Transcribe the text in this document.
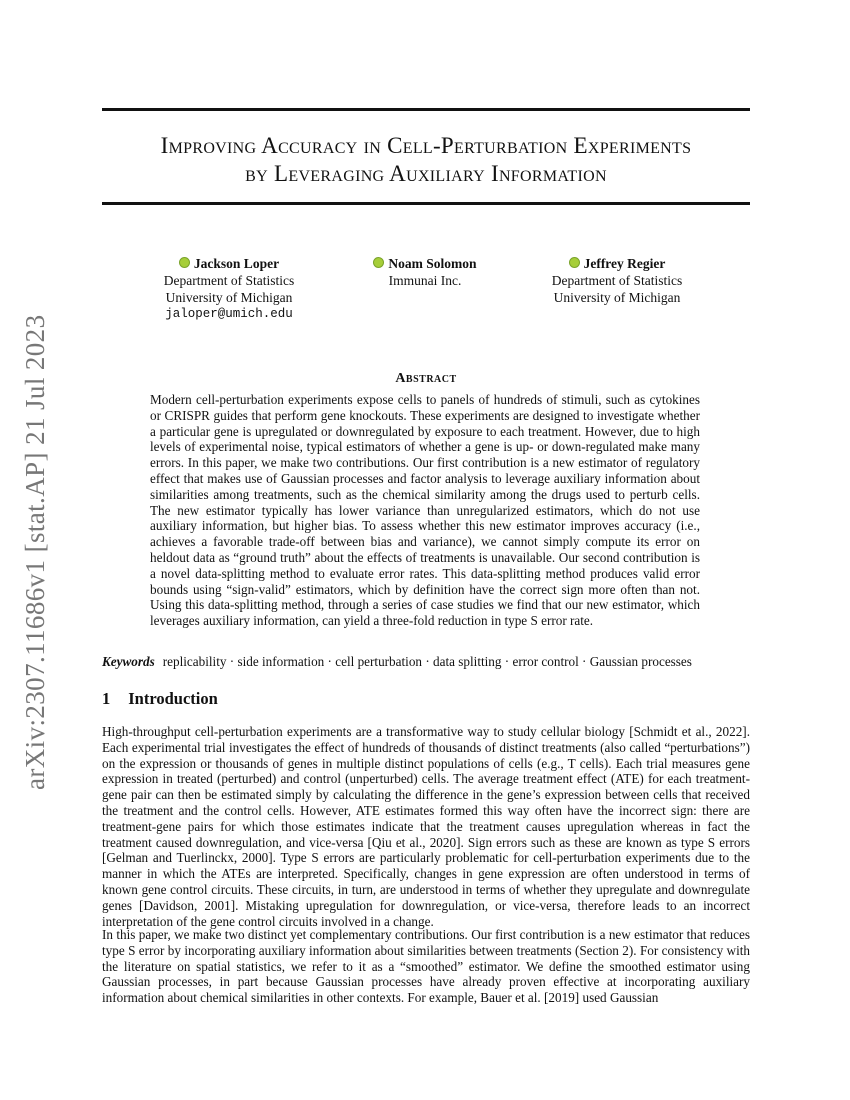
arXiv:2307.11686v1 [stat.AP] 21 Jul 2023
Improving Accuracy in Cell-Perturbation Experiments
by Leveraging Auxiliary Information
Jackson Loper
Department of Statistics
University of Michigan
jaloper@umich.edu
Noam Solomon
Immunai Inc.
Jeffrey Regier
Department of Statistics
University of Michigan
Abstract
Modern cell-perturbation experiments expose cells to panels of hundreds of stimuli, such as cytokines or CRISPR guides that perform gene knockouts. These experiments are designed to investigate whether a particular gene is upregulated or downregulated by exposure to each treatment. However, due to high levels of experimental noise, typical estimators of whether a gene is up- or down-regulated make many errors. In this paper, we make two contributions. Our first contribution is a new estimator of regulatory effect that makes use of Gaussian processes and factor analysis to leverage auxiliary information about similarities among treatments, such as the chemical similarity among the drugs used to perturb cells. The new estimator typically has lower variance than unregularized estimators, which do not use auxiliary information, but higher bias. To assess whether this new estimator improves accuracy (i.e., achieves a favorable trade-off between bias and variance), we cannot simply compute its error on heldout data as “ground truth” about the effects of treatments is unavailable. Our second contribution is a novel data-splitting method to evaluate error rates. This data-splitting method produces valid error bounds using “sign-valid” estimators, which by definition have the correct sign more often than not. Using this data-splitting method, through a series of case studies we find that our new estimator, which leverages auxiliary information, can yield a three-fold reduction in type S error rate.
Keywords replicability · side information · cell perturbation · data splitting · error control · Gaussian processes
1 Introduction
High-throughput cell-perturbation experiments are a transformative way to study cellular biology [Schmidt et al., 2022]. Each experimental trial investigates the effect of hundreds of thousands of distinct treatments (also called “perturbations”) on the expression or thousands of genes in multiple distinct populations of cells (e.g., T cells). Each trial measures gene expression in treated (perturbed) and control (unperturbed) cells. The average treatment effect (ATE) for each treatment-gene pair can then be estimated simply by calculating the difference in the gene’s expression between cells that received the treatment and the control cells. However, ATE estimates formed this way often have the incorrect sign: there are treatment-gene pairs for which those estimates indicate that the treatment causes upregulation whereas in fact the treatment caused downregulation, and vice-versa [Qiu et al., 2020]. Sign errors such as these are known as type S errors [Gelman and Tuerlinckx, 2000]. Type S errors are particularly problematic for cell-perturbation experiments due to the manner in which the ATEs are interpreted. Specifically, changes in gene expression are often understood in terms of known gene control circuits. These circuits, in turn, are understood in terms of whether they upregulate and downregulate genes [Davidson, 2001]. Mistaking upregulation for downregulation, or vice-versa, therefore leads to an incorrect interpretation of the gene control circuits involved in a change.
In this paper, we make two distinct yet complementary contributions. Our first contribution is a new estimator that reduces type S error by incorporating auxiliary information about similarities between treatments (Section 2). For consistency with the literature on spatial statistics, we refer to it as a “smoothed” estimator. We define the smoothed estimator using Gaussian processes, in part because Gaussian processes have already proven effective at incorporating auxiliary information about chemical similarities in other contexts. For example, Bauer et al. [2019] used Gaussian
